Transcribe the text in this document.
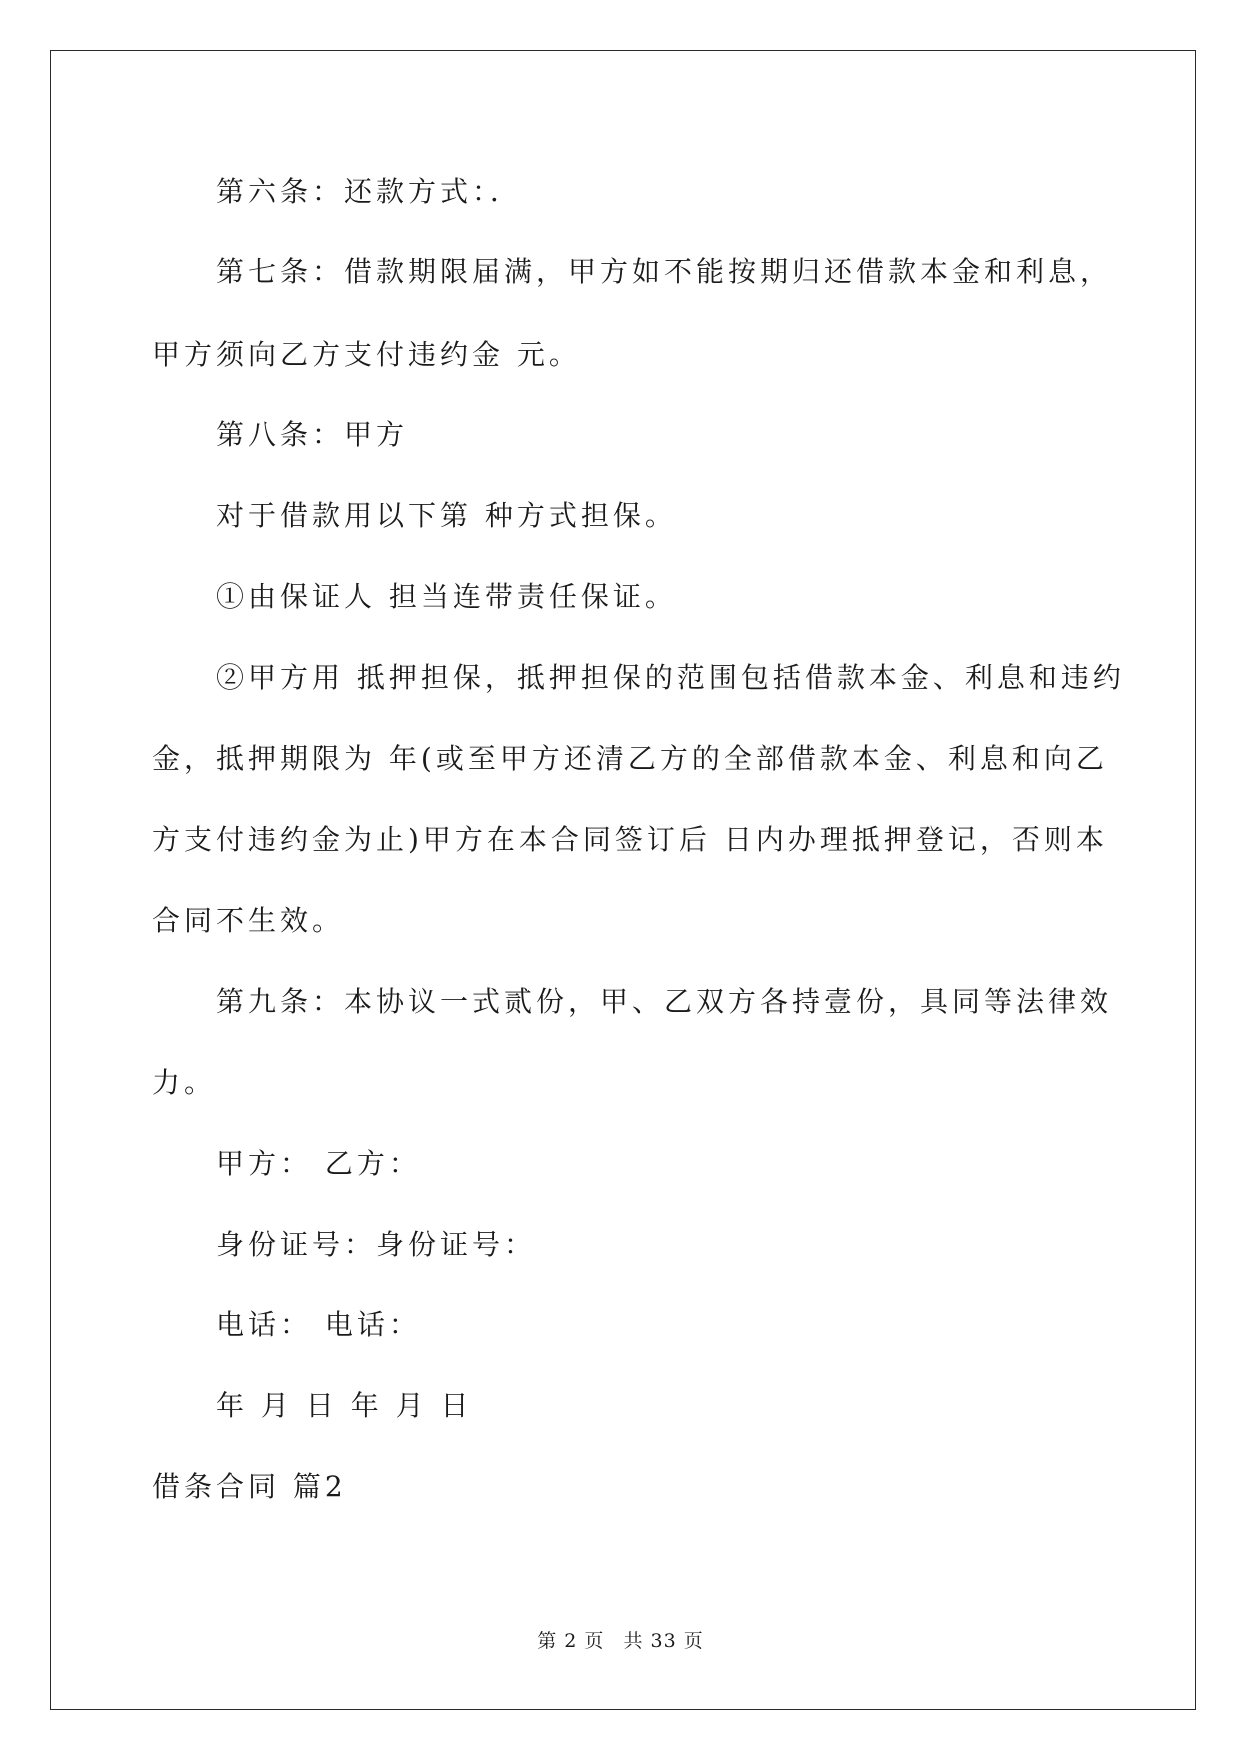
第六条：还款方式：．
第七条：借款期限届满，甲方如不能按期归还借款本金和利息，
甲方须向乙方支付违约金 元。
第八条：甲方
对于借款用以下第 种方式担保。
①由保证人 担当连带责任保证。
②甲方用 抵押担保，抵押担保的范围包括借款本金、利息和违约
金，抵押期限为 年(或至甲方还清乙方的全部借款本金、利息和向乙
方支付违约金为止)甲方在本合同签订后 日内办理抵押登记，否则本
合同不生效。
第九条：本协议一式贰份，甲、乙双方各持壹份，具同等法律效
力。
甲方： 乙方：
身份证号：身份证号：
电话： 电话：
年 月 日 年 月 日
借条合同 篇2
第 2 页 共 33 页
